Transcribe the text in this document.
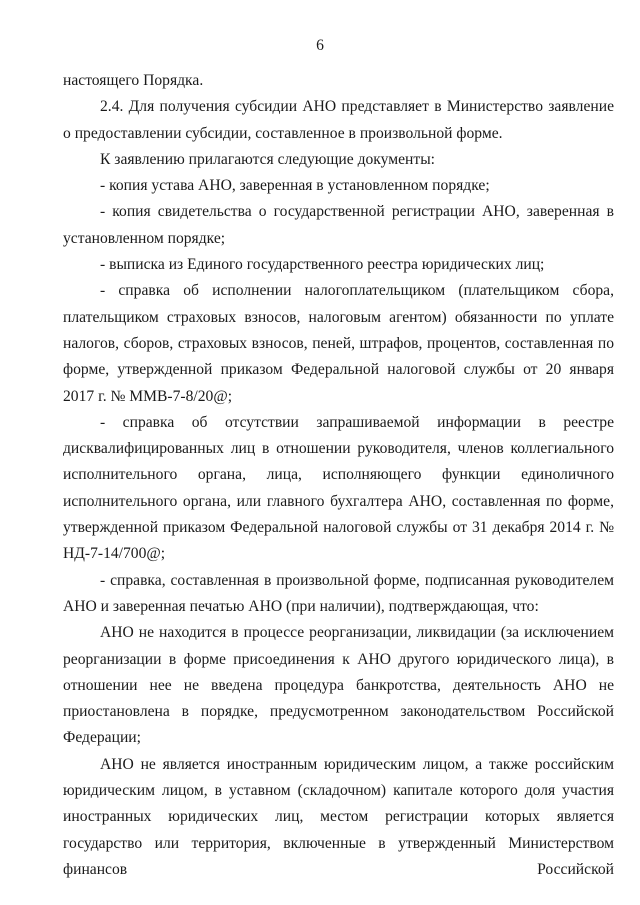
6

настоящего Порядка.

2.4. Для получения субсидии АНО представляет в Министерство заявление о предоставлении субсидии, составленное в произвольной форме.

К заявлению прилагаются следующие документы:

- копия устава АНО, заверенная в установленном порядке;

- копия свидетельства о государственной регистрации АНО, заверенная в установленном порядке;

- выписка из Единого государственного реестра юридических лиц;

- справка об исполнении налогоплательщиком (плательщиком сбора, плательщиком страховых взносов, налоговым агентом) обязанности по уплате налогов, сборов, страховых взносов, пеней, штрафов, процентов, составленная по форме, утвержденной приказом Федеральной налоговой службы от 20 января 2017 г. № ММВ-7-8/20@;

- справка об отсутствии запрашиваемой информации в реестре дисквалифицированных лиц в отношении руководителя, членов коллегиального исполнительного органа, лица, исполняющего функции единоличного исполнительного органа, или главного бухгалтера АНО, составленная по форме, утвержденной приказом Федеральной налоговой службы от 31 декабря 2014 г. № НД-7-14/700@;

- справка, составленная в произвольной форме, подписанная руководителем АНО и заверенная печатью АНО (при наличии), подтверждающая, что:

АНО не находится в процессе реорганизации, ликвидации (за исключением реорганизации в форме присоединения к АНО другого юридического лица), в отношении нее не введена процедура банкротства, деятельность АНО не приостановлена в порядке, предусмотренном законодательством Российской Федерации;

АНО не является иностранным юридическим лицом, а также российским юридическим лицом, в уставном (складочном) капитале которого доля участия иностранных юридических лиц, местом регистрации которых является государство или территория, включенные в утвержденный Министерством финансов Российской
